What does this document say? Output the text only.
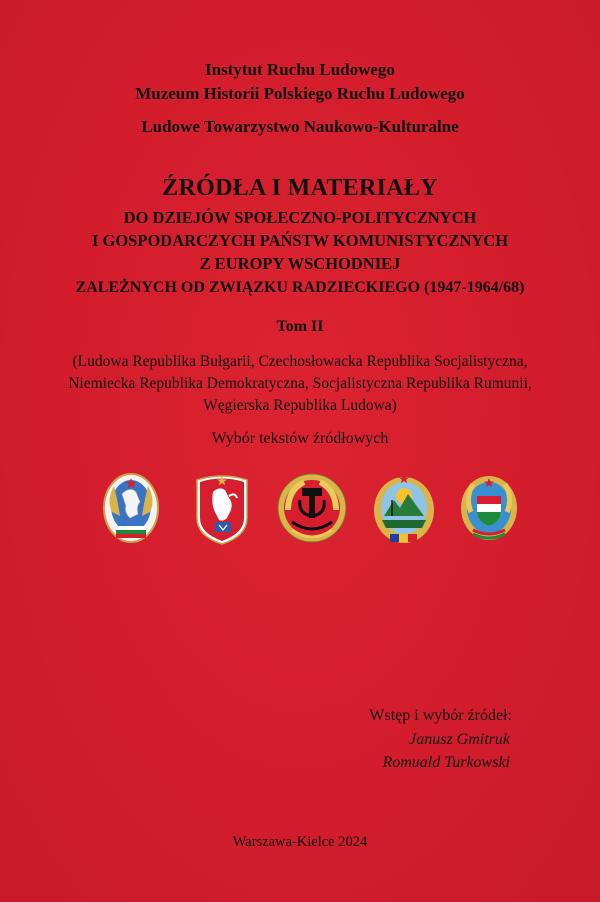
Instytut Ruchu Ludowego
Muzeum Historii Polskiego Ruchu Ludowego
Ludowe Towarzystwo Naukowo-Kulturalne
ŹRÓDŁA I MATERIAŁY
DO DZIEJÓW SPOŁECZNO-POLITYCZNYCH
I GOSPODARCZYCH PAŃSTW KOMUNISTYCZNYCH
Z EUROPY WSCHODNIEJ
ZALEŻNYCH OD ZWIĄZKU RADZIECKIEGO (1947-1964/68)
Tom II
(Ludowa Republika Bułgarii, Czechosłowacka Republika Socjalistyczna,
Niemiecka Republika Demokratyczna, Socjalistyczna Republika Rumunii,
Węgierska Republika Ludowa)
Wybór tekstów źródłowych
Wstęp i wybór źródeł:
Janusz Gmitruk
Romuald Turkowski
Warszawa-Kielce 2024
